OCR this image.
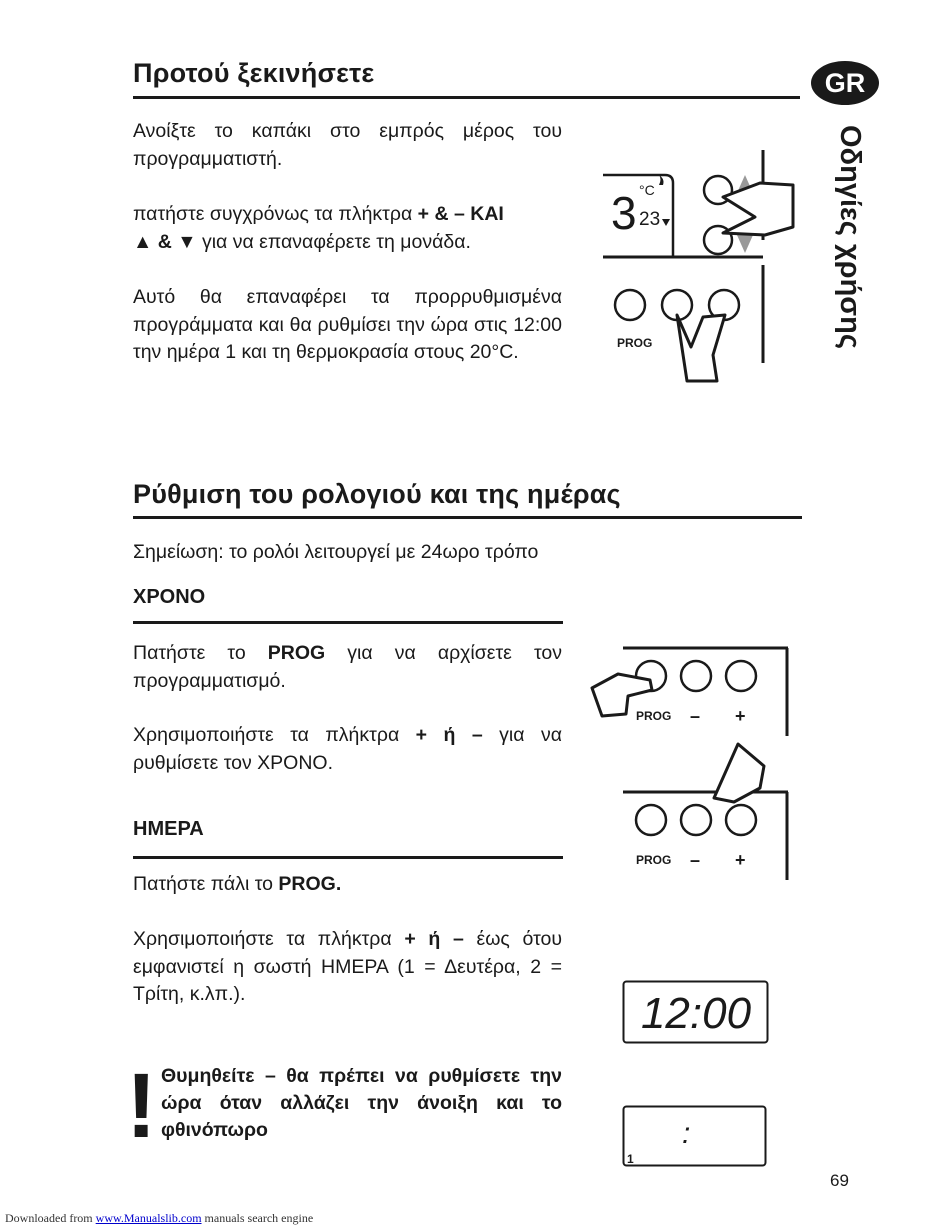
GR
Οδηγίες χρήσης
Προτού ξεκινήσετε
Ανοίξτε το καπάκι στο εμπρός μέρος του προγραμματιστή.
πατήστε συγχρόνως τα πλήκτρα + & – ΚΑΙ
▲ & ▼ για να επαναφέρετε τη μονάδα.
Αυτό θα επαναφέρει τα προρρυθμισμένα προγράμματα και θα ρυθμίσει την ώρα στις 12:00 την ημέρα 1 και τη θερμοκρασία στους 20°C.
3 °C
23
PROG
Ρύθμιση του ρολογιού και της ημέρας
Σημείωση: το ρολόι λειτουργεί με 24ωρο τρόπο
ΧΡΟΝΟ
Πατήστε το PROG για να αρχίσετε τον προγραμματισμό.
Χρησιμοποιήστε τα πλήκτρα + ή – για να ρυθμίσετε τον ΧΡΟΝΟ.
ΗΜΕΡΑ
Πατήστε πάλι το PROG.
Χρησιμοποιήστε τα πλήκτρα + ή – έως ότου εμφανιστεί η σωστή ΗΜΕΡΑ (1 = Δευτέρα, 2 = Τρίτη, κ.λπ.).
PROG – +
PROG – +
12:00
:
1
! Θυμηθείτε – θα πρέπει να ρυθμίσετε την ώρα όταν αλλάζει την άνοιξη και το φθινόπωρο
69
Downloaded from www.Manualslib.com manuals search engine
